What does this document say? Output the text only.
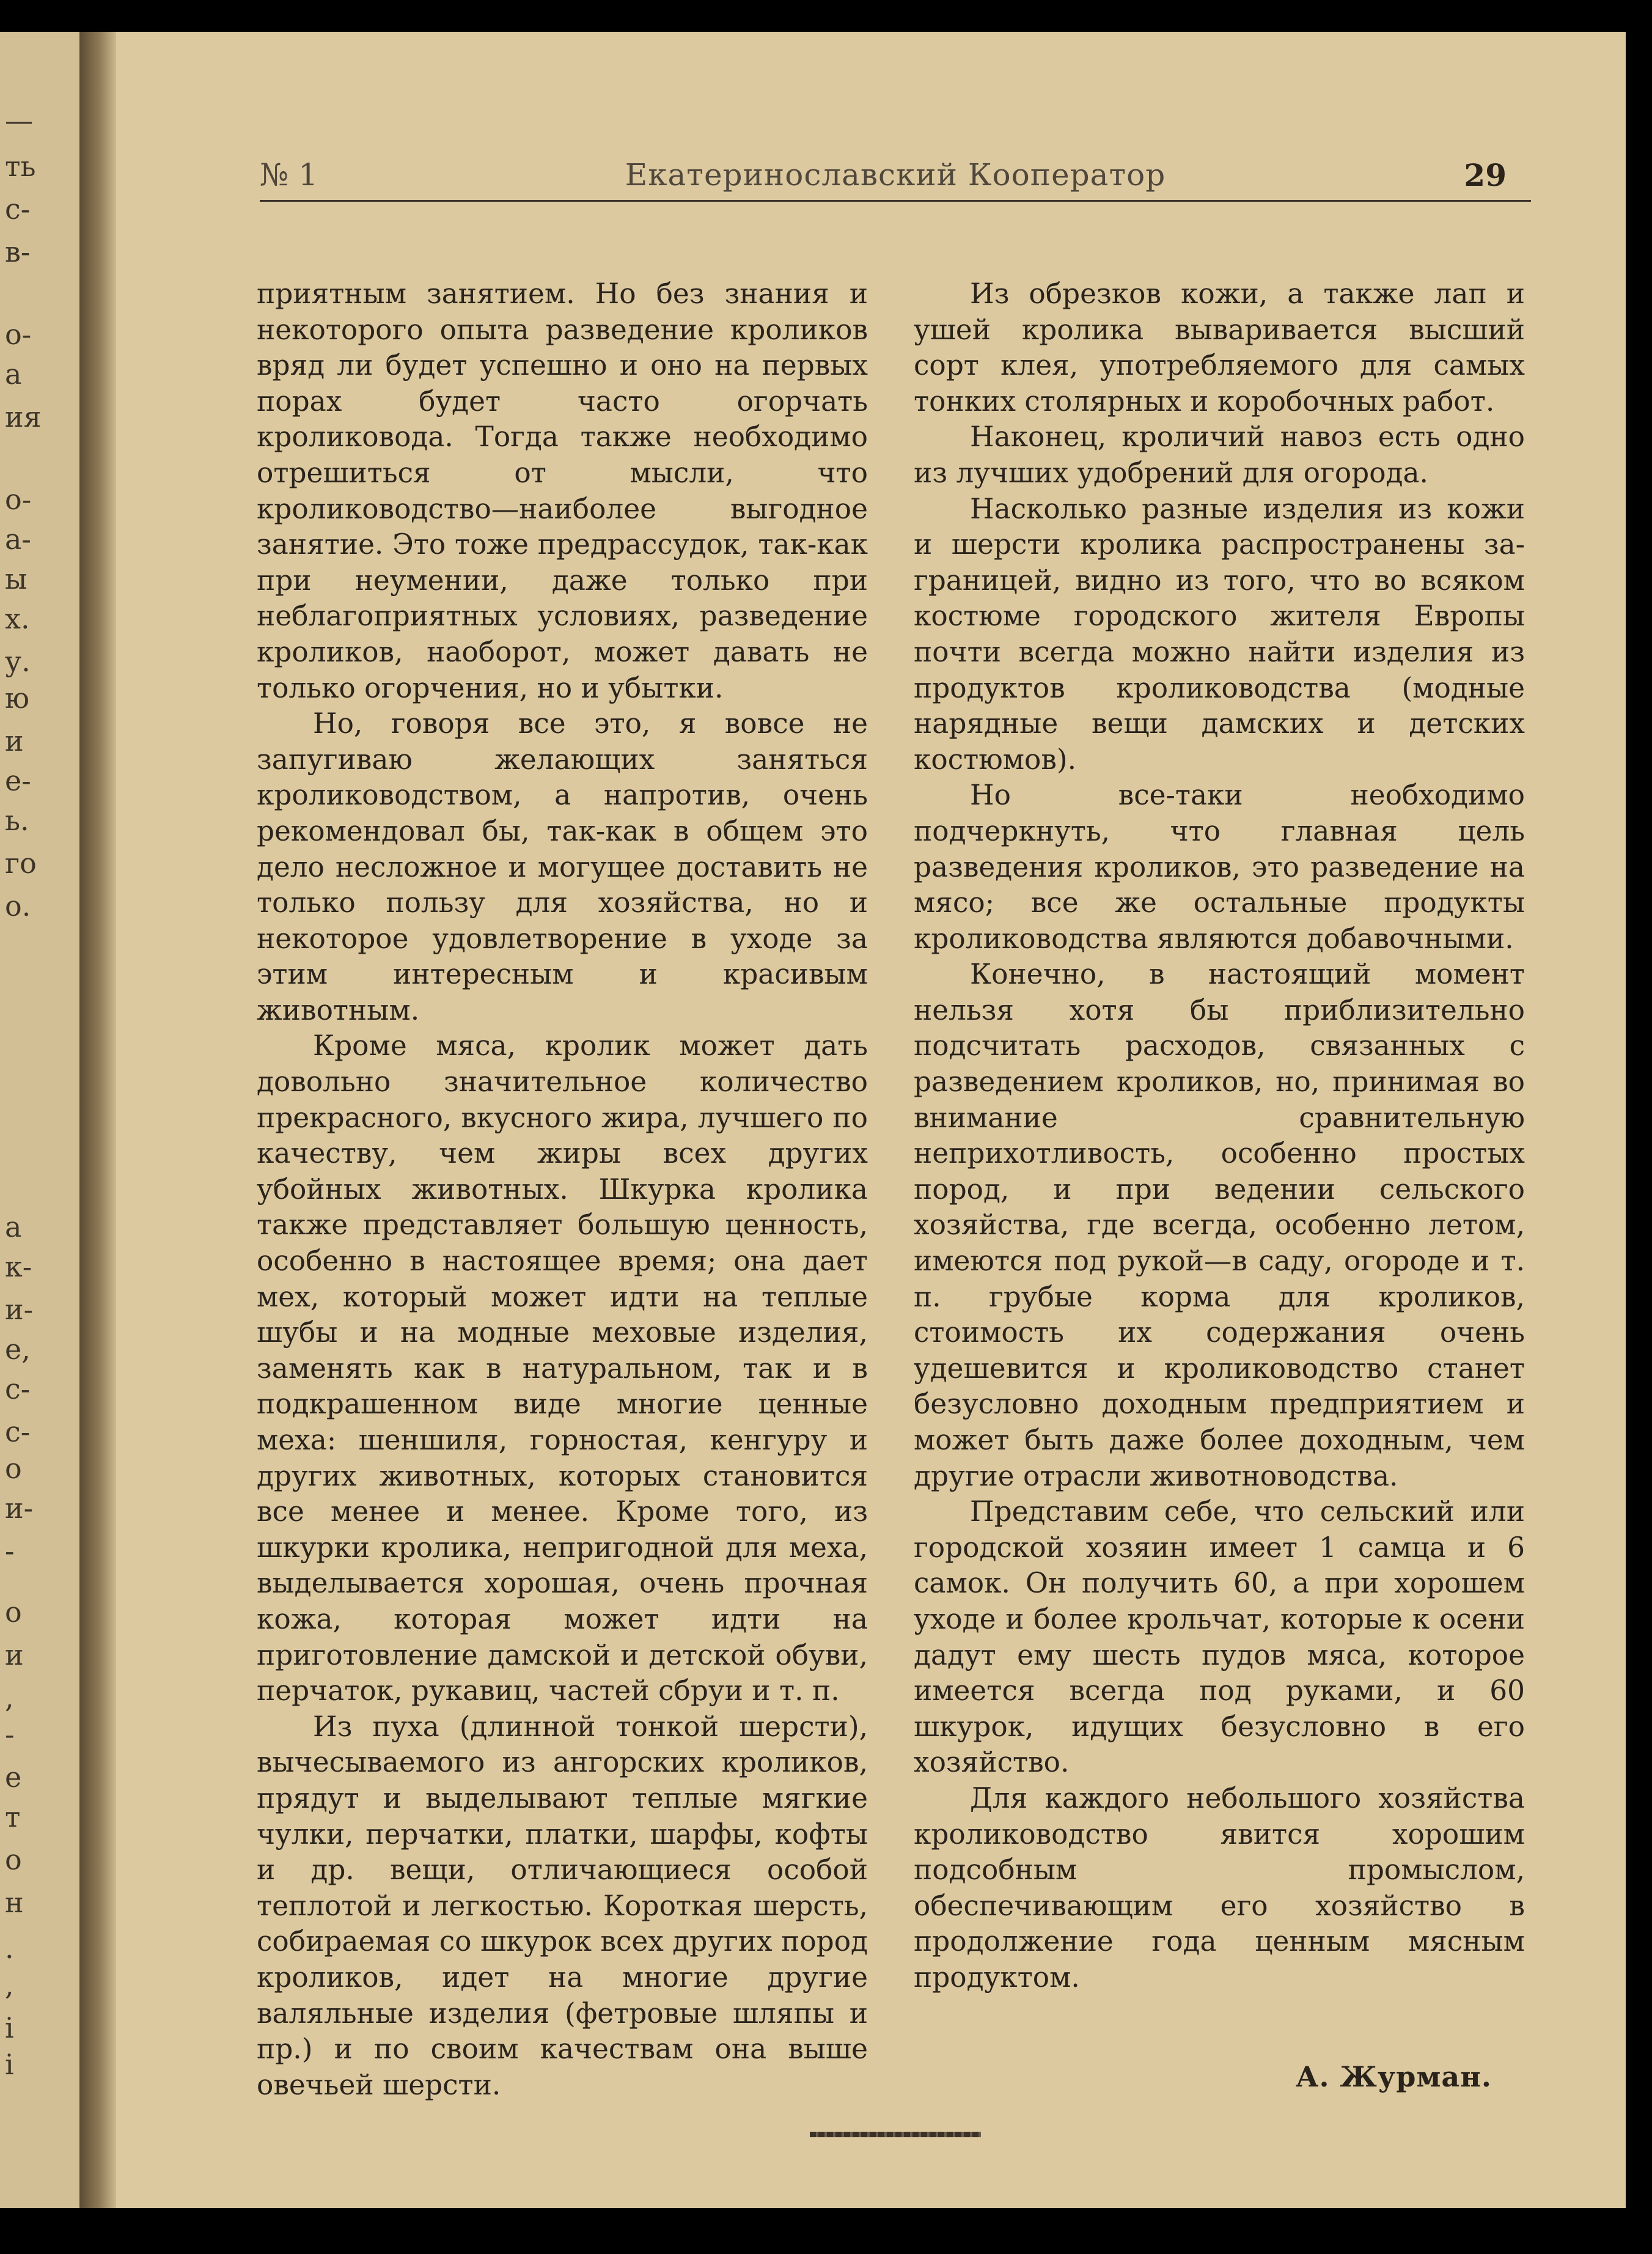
—
ть
с-
в-
о-
а
ия
о-
а-
ы
х.
у.
ю
и
е-
ь.
го
о.
а
к-
и-
е,
с-
с-
о
и-
-
о
и
,
-
е
т
о
н
.
,
і
і
№ 1	Екатеринославский Кооператор	29

приятным занятием. Но без знания и некоторого опыта разведение кроликов вряд ли будет успешно и оно на первых порах будет часто огорчать кроликовода. Тогда также необходимо отрешиться от мысли, что кролиководство—наиболее выгодное занятие. Это тоже предрассудок, так-как при неумении, даже только при неблагоприятных условиях, разведение кроликов, наоборот, может давать не только огорчения, но и убытки.

Но, говоря все это, я вовсе не запугиваю желающих заняться кролиководством, а напротив, очень рекомендовал бы, так-как в общем это дело несложное и могущее доставить не только пользу для хозяйства, но и некоторое удовлетворение в уходе за этим интересным и красивым животным.

Кроме мяса, кролик может дать довольно значительное количество прекрасного, вкусного жира, лучшего по качеству, чем жиры всех других убойных животных. Шкурка кролика также представляет большую ценность, особенно в настоящее время; она дает мех, который может идти на теплые шубы и на модные меховые изделия, заменять как в натуральном, так и в подкрашенном виде многие ценные меха: шеншиля, горностая, кенгуру и других животных, которых становится все менее и менее. Кроме того, из шкурки кролика, непригодной для меха, выделывается хорошая, очень прочная кожа, которая может идти на приготовление дамской и детской обуви, перчаток, рукавиц, частей сбруи и т. п.

Из пуха (длинной тонкой шерсти), вычесываемого из ангорских кроликов, прядут и выделывают теплые мягкие чулки, перчатки, платки, шарфы, кофты и др. вещи, отличающиеся особой теплотой и легкостью. Короткая шерсть, собираемая со шкурок всех других пород кроликов, идет на многие другие валяльные изделия (фетровые шляпы и пр.) и по своим качествам она выше овечьей шерсти.

Из обрезков кожи, а также лап и ушей кролика вываривается высший сорт клея, употребляемого для самых тонких столярных и коробочных работ.

Наконец, кроличий навоз есть одно из лучших удобрений для огорода.

Насколько разные изделия из кожи и шерсти кролика распространены за-границей, видно из того, что во всяком костюме городского жителя Европы почти всегда можно найти изделия из продуктов кролиководства (модные нарядные вещи дамских и детских костюмов).

Но все-таки необходимо подчеркнуть, что главная цель разведения кроликов, это разведение на мясо; все же остальные продукты кролиководства являются добавочными.

Конечно, в настоящий момент нельзя хотя бы приблизительно подсчитать расходов, связанных с разведением кроликов, но, принимая во внимание сравнительную неприхотливость, особенно простых пород, и при ведении сельского хозяйства, где всегда, особенно летом, имеются под рукой—в саду, огороде и т. п. грубые корма для кроликов, стоимость их содержания очень удешевится и кролиководство станет безусловно доходным предприятием и может быть даже более доходным, чем другие отрасли животноводства.

Представим себе, что сельский или городской хозяин имеет 1 самца и 6 самок. Он получить 60, а при хорошем уходе и более крольчат, которые к осени дадут ему шесть пудов мяса, которое имеется всегда под руками, и 60 шкурок, идущих безусловно в его хозяйство.

Для каждого небольшого хозяйства кролиководство явится хорошим подсобным промыслом, обеспечивающим его хозяйство в продолжение года ценным мясным продуктом.

А. Журман.
